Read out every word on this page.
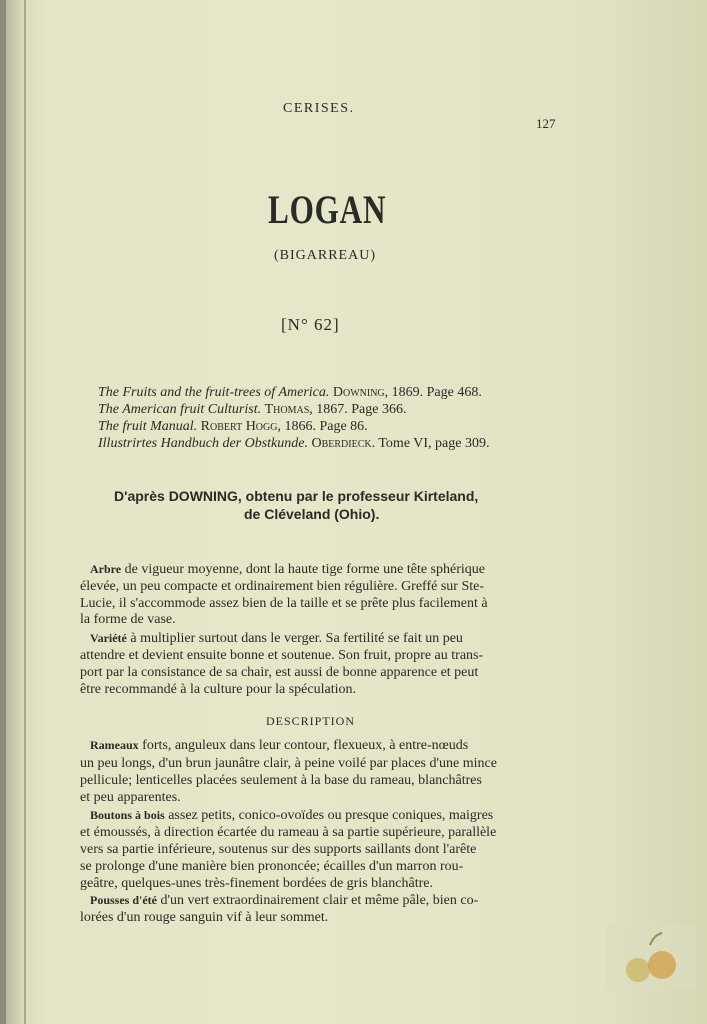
CERISES.
127
LOGAN
(BIGARREAU)
[N° 62]
The Fruits and the fruit-trees of America. Downing, 1869. Page 468.
The American fruit Culturist. Thomas, 1867. Page 366.
The fruit Manual. Robert Hogg, 1866. Page 86.
Illustrirtes Handbuch der Obstkunde. Oberdieck. Tome VI, page 309.
D'après DOWNING, obtenu par le professeur Kirteland,
de Cléveland (Ohio).
Arbre de vigueur moyenne, dont la haute tige forme une tête sphérique
élevée, un peu compacte et ordinairement bien régulière. Greffé sur Ste-
Lucie, il s'accommode assez bien de la taille et se prête plus facilement à
la forme de vase.
Variété à multiplier surtout dans le verger. Sa fertilité se fait un peu
attendre et devient ensuite bonne et soutenue. Son fruit, propre au trans-
port par la consistance de sa chair, est aussi de bonne apparence et peut
être recommandé à la culture pour la spéculation.
DESCRIPTION
Rameaux forts, anguleux dans leur contour, flexueux, à entre-nœuds
un peu longs, d'un brun jaunâtre clair, à peine voilé par places d'une mince
pellicule; lenticelles placées seulement à la base du rameau, blanchâtres
et peu apparentes.
Boutons à bois assez petits, conico-ovoïdes ou presque coniques, maigres
et émoussés, à direction écartée du rameau à sa partie supérieure, parallèle
vers sa partie inférieure, soutenus sur des supports saillants dont l'arête
se prolonge d'une manière bien prononcée; écailles d'un marron rou-
geâtre, quelques-unes très-finement bordées de gris blanchâtre.
Pousses d'été d'un vert extraordinairement clair et même pâle, bien co-
lorées d'un rouge sanguin vif à leur sommet.
